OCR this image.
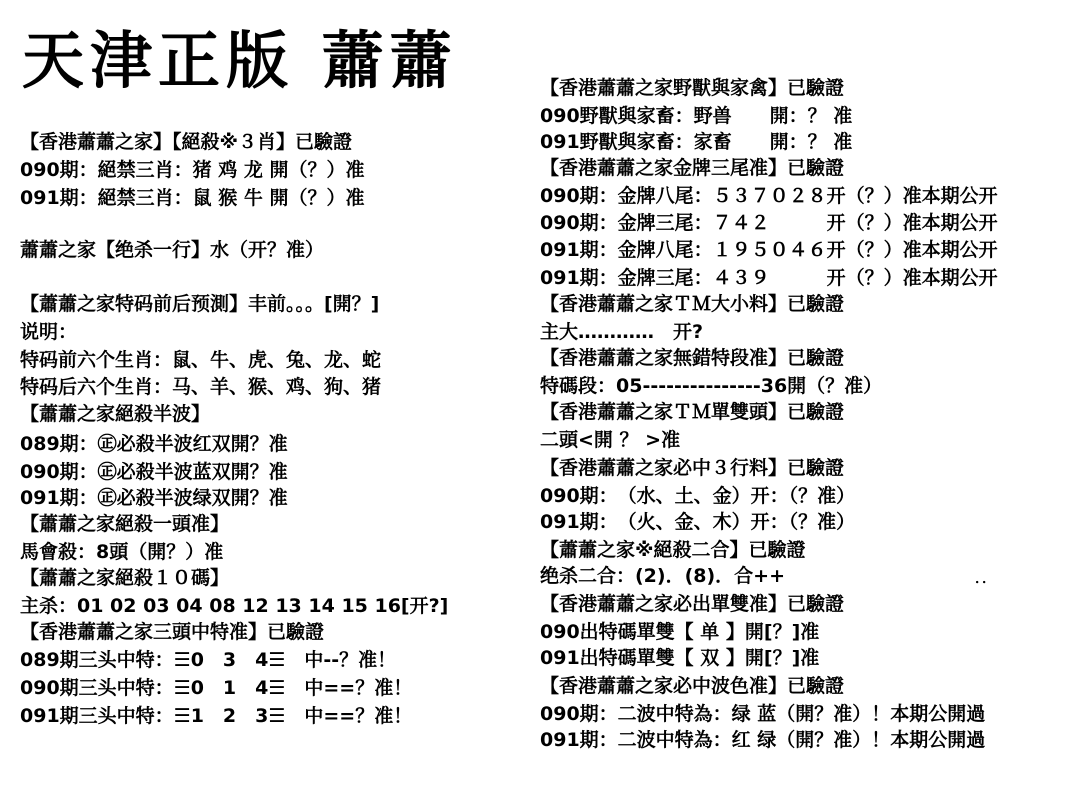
天津正版 蕭蕭
【香港蕭蕭之家】【絕殺※３肖】已驗證
090期：絕禁三肖：猪 鸡 龙 開（？）准
091期：絕禁三肖：鼠 猴 牛 開（？）准
蕭蕭之家【绝杀一行】水（开？准）
【蕭蕭之家特码前后预測】丰前。。。[開？]
说明：
特码前六个生肖：鼠、牛、虎、兔、龙、蛇
特码后六个生肖：马、羊、猴、鸡、狗、猪
【蕭蕭之家絕殺半波】
089期：㊣必殺半波红双開？准
090期：㊣必殺半波蓝双開？准
091期：㊣必殺半波绿双開？准
【蕭蕭之家絕殺一頭准】
馬會殺：8頭（開？）准
【蕭蕭之家絕殺１０碼】
主杀：01 02 03 04 08 12 13 14 15 16[开?]
【香港蕭蕭之家三頭中特准】已驗證
089期三头中特：☰0　3　4☰　中--？准！
090期三头中特：☰0　1　4☰　中==？准！
091期三头中特：☰1　2　3☰　中==？准！
【香港蕭蕭之家野獸與家禽】已驗證
090野獸與家畜：野兽　　開：？ 准
091野獸與家畜：家畜　　開：？ 准
【香港蕭蕭之家金牌三尾准】已驗證
090期：金牌八尾：５３７０２８开（？）准本期公开
090期：金牌三尾：７４２　　　开（？）准本期公开
091期：金牌八尾：１９５０４６开（？）准本期公开
091期：金牌三尾：４３９　　　开（？）准本期公开
【香港蕭蕭之家ＴＭ大小料】已驗證
主大…………　开?
【香港蕭蕭之家無錯特段准】已驗證
特碼段：05---------------36開（？准）
【香港蕭蕭之家ＴＭ單雙頭】已驗證
二頭<開 ？ >准
【香港蕭蕭之家必中３行料】已驗證
090期：　（水、土、金）开：（？准）
091期：　（火、金、木）开：（？准）
【蕭蕭之家※絕殺二合】已驗證
绝杀二合：(2)．(8)．合++
【香港蕭蕭之家必出單雙准】已驗證
090出特碼單雙【 单 】開[？]准
091出特碼單雙【 双 】開[？]准
【香港蕭蕭之家必中波色准】已驗證
090期：二波中特為：绿 蓝（開？准）！本期公開過
091期：二波中特為：红 绿（開？准）！本期公開過
．．
